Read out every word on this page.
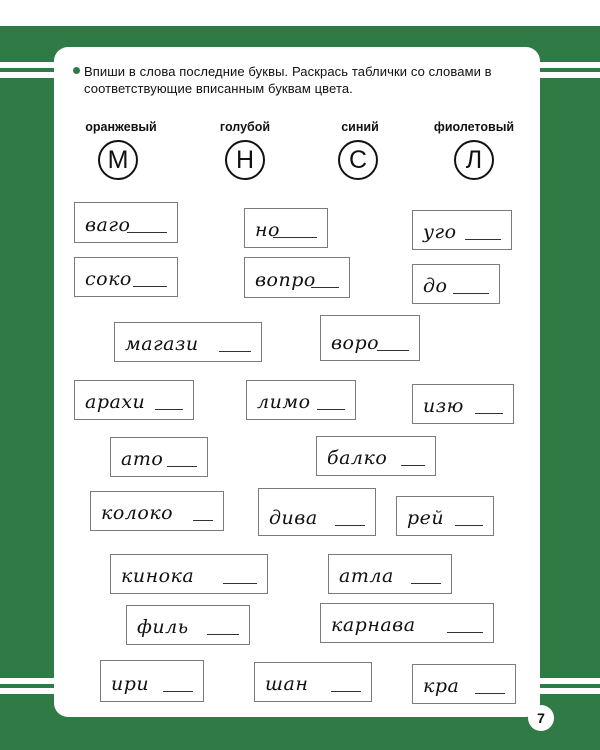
Впиши в слова последние буквы. Раскрась таблички со словами в соответствующие вписанным буквам цвета.
оранжевый	голубой	синий	фиолетовый
М	Н	С	Л
ваго	но	уго
соко	вопро	до
магази	воро
арахи	лимо	изю
ато	балко
колоко	дива	рей
кинока	атла
филь	карнава
ири	шан	кра
7
